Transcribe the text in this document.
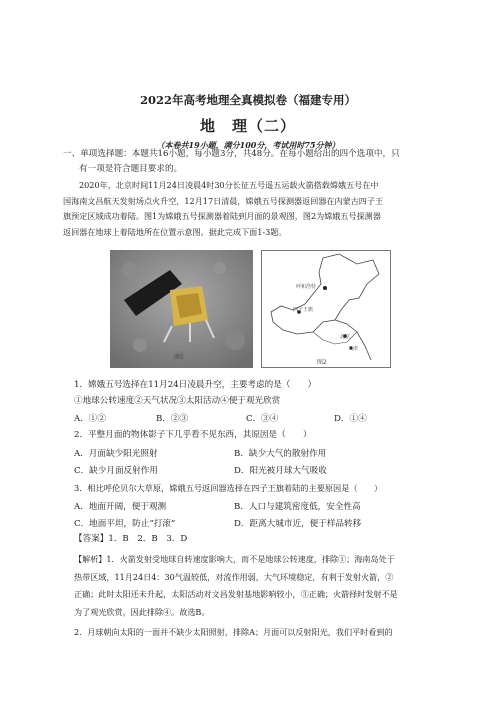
2022年高考地理全真模拟卷（福建专用）
地　理（二）
（本卷共19小题，满分100分，考试用时75分钟）
一、单项选择题：本题共16小题，每小题3分，共48分。在每小题给出的四个选项中，只
有一项是符合题目要求的。
2020年，北京时间11月24日凌晨4时30分长征五号遥五运载火箭搭载嫦娥五号在中
国海南文昌航天发射场点火升空，12月17日清晨，嫦娥五号探测器返回器在内蒙古四子王
旗预定区域成功着陆。图1为嫦娥五号探测器着陆到月面的景观图，图2为嫦娥五号探测器
返回器在地球上着陆地所在位置示意图。据此完成下面1-3题。
图1
呼和浩特
四子王旗
北京
天津
图2
1．嫦娥五号选择在11月24日凌晨升空，主要考虑的是（　　）
①地球公转速度②天气状况③太阳活动④便于观光欣赏
A．①②	B．②③	C．③④	D．①④
2．平整月面的物体影子下几乎看不见东西，其原因是（　　）
A．月面缺少阳光照射	B．缺少大气的散射作用
C．缺少月面反射作用	D．阳光被月球大气吸收
3．相比呼伦贝尔大草原，嫦娥五号返回器选择在四子王旗着陆的主要原因是（　　）
A．地面开阔，便于观测	B．人口与建筑密度低，安全性高
C．地面平坦，防止“打滚”	D．距离大城市近，便于样品转移
【答案】1．B　2．B　3．D
【解析】1．火箭发射受地球自转速度影响大，而不是地球公转速度，排除①；海南岛处于
热带区域，11月24日4：30气温较低，对流作用弱，大气环境稳定，有利于发射火箭，②
正确；此时太阳还未升起，太阳活动对文昌发射基地影响较小，③正确；火箭择时发射不是
为了观光欣赏，因此排除④。故选B。
2．月球朝向太阳的一面并不缺少太阳照射，排除A；月面可以反射阳光，我们平时看到的
